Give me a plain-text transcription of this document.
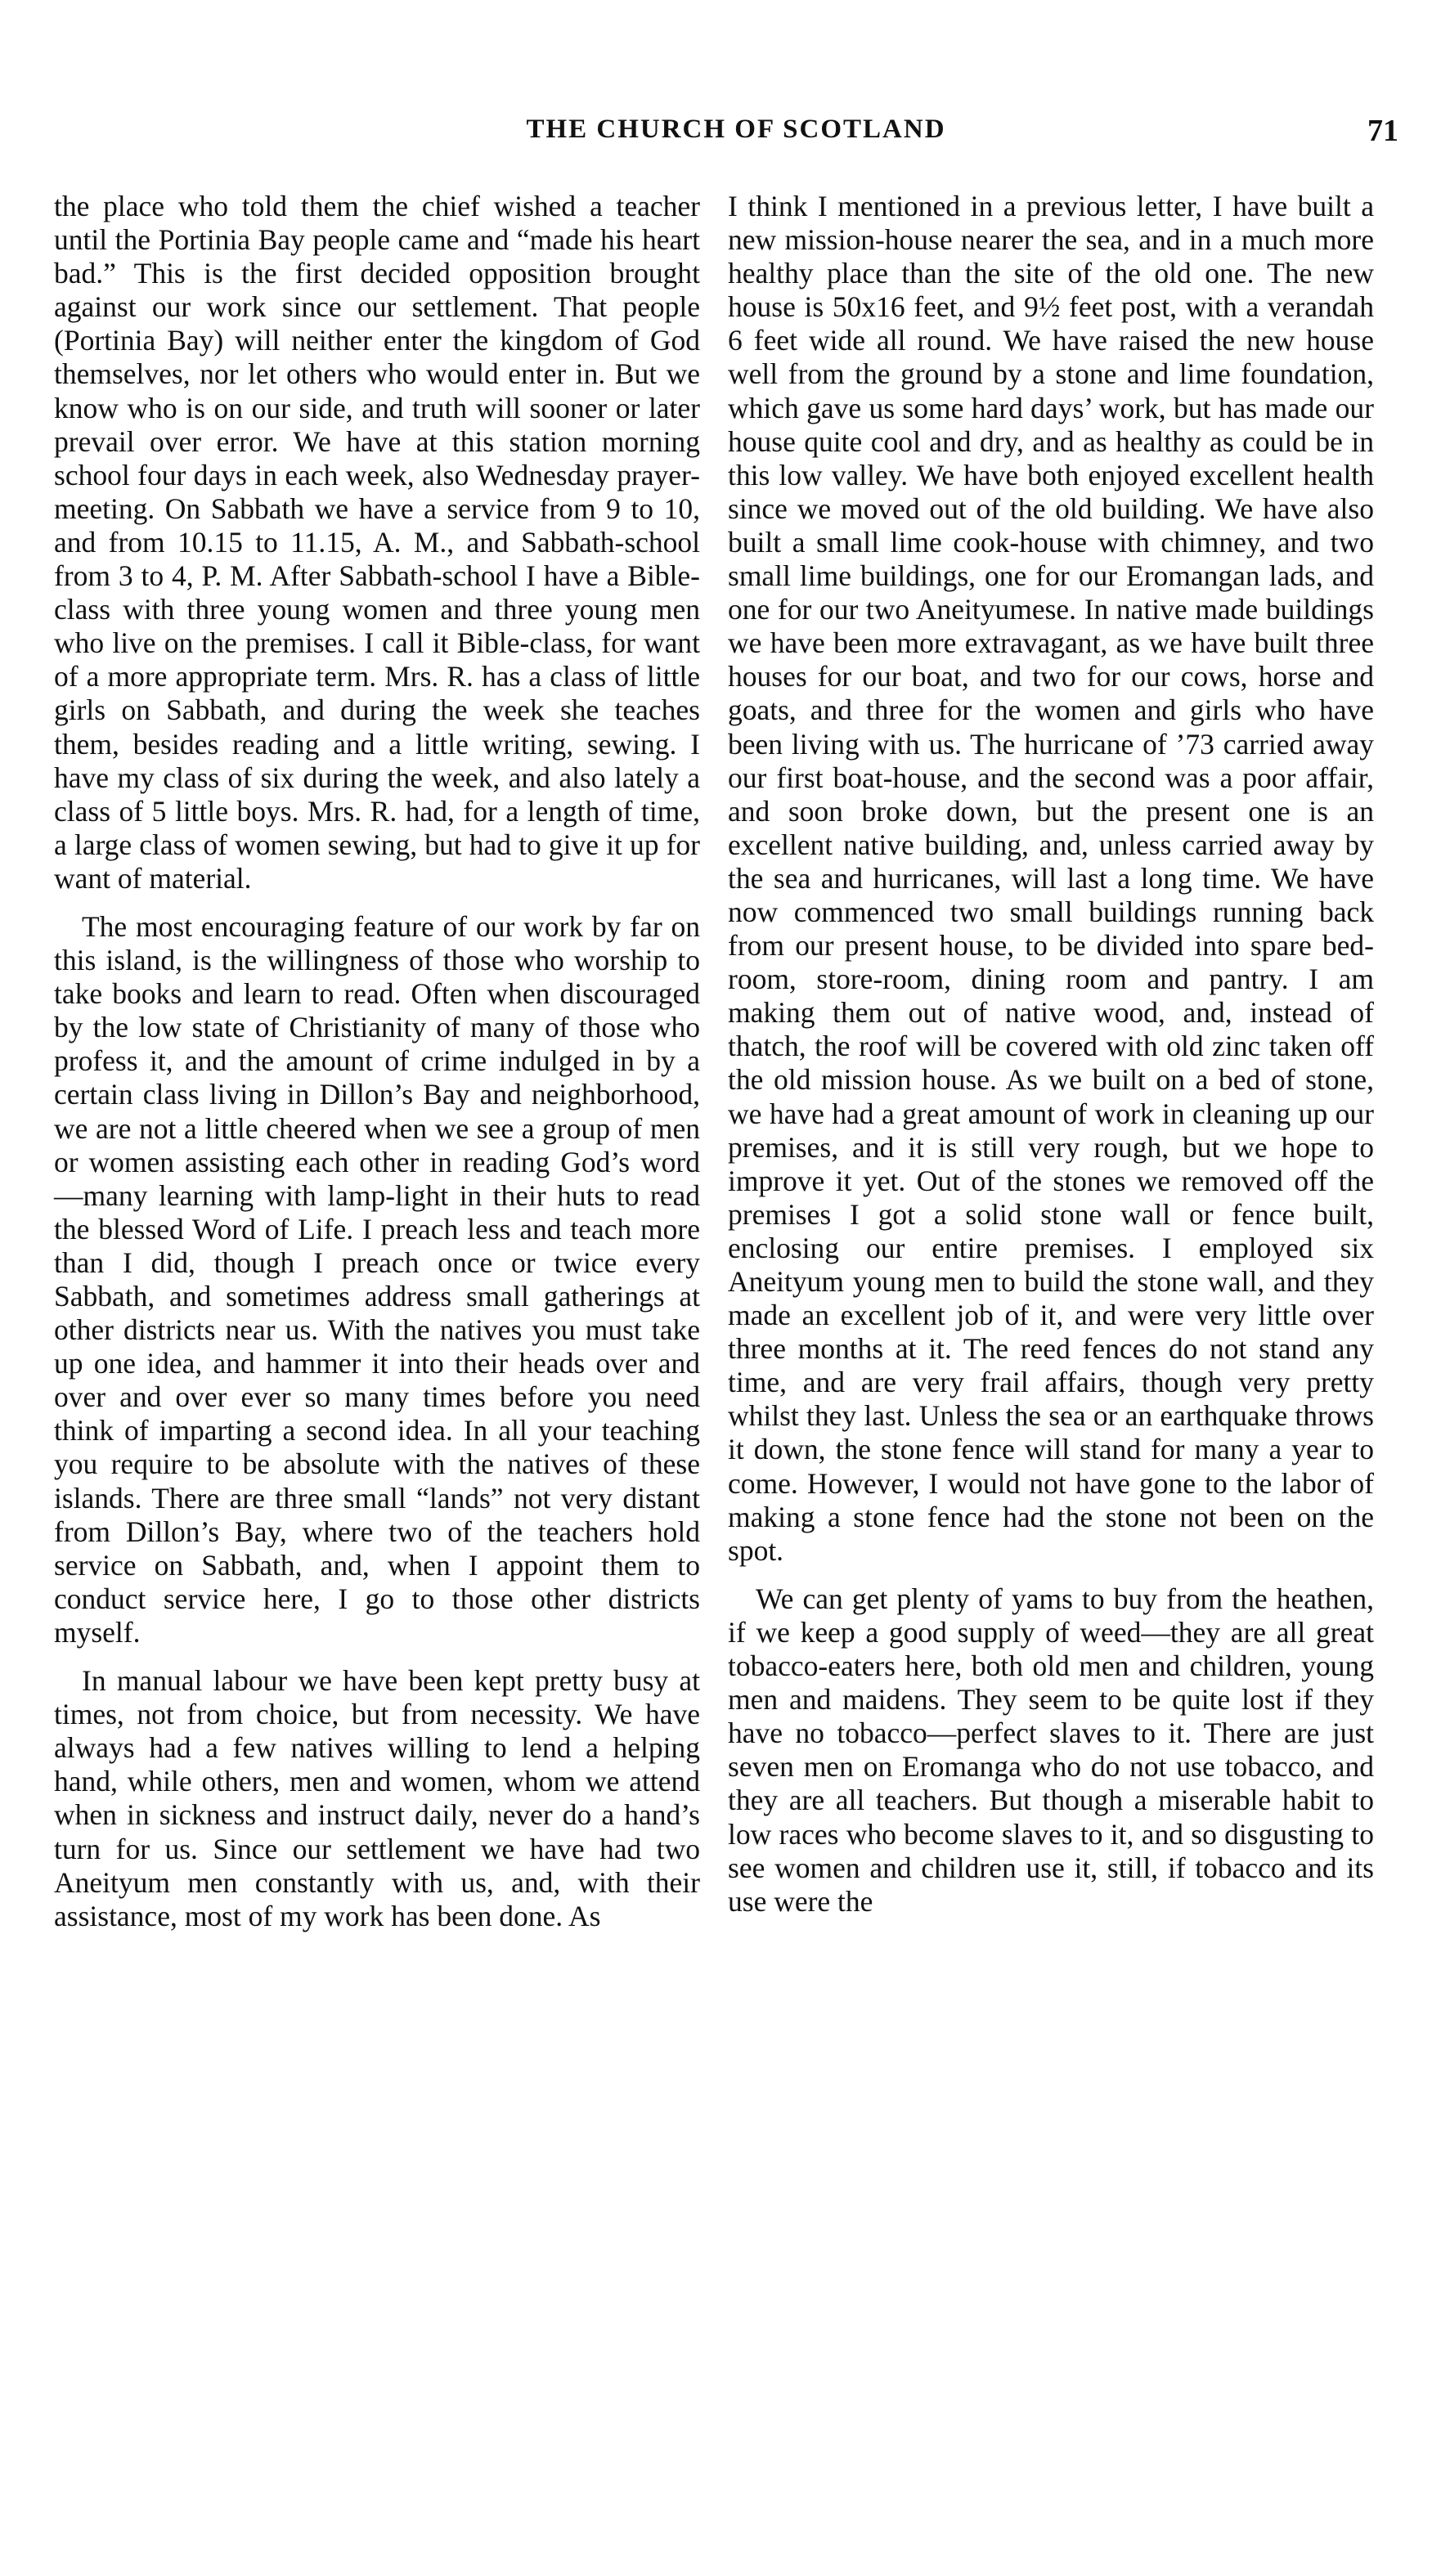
THE CHURCH OF SCOTLAND	71

the place who told them the chief wished a teacher until the Portinia Bay people came and “made his heart bad.” This is the first decided opposition brought against our work since our settlement. That people (Portinia Bay) will neither enter the kingdom of God themselves, nor let others who would enter in. But we know who is on our side, and truth will sooner or later prevail over error. We have at this station morning school four days in each week, also Wednesday prayer-meeting. On Sabbath we have a service from 9 to 10, and from 10.15 to 11.15, A. M., and Sabbath-school from 3 to 4, P. M. After Sabbath-school I have a Bible-class with three young women and three young men who live on the premises. I call it Bible-class, for want of a more appropriate term. Mrs. R. has a class of little girls on Sabbath, and during the week she teaches them, besides reading and a little writing, sewing. I have my class of six during the week, and also lately a class of 5 little boys. Mrs. R. had, for a length of time, a large class of women sewing, but had to give it up for want of material.

The most encouraging feature of our work by far on this island, is the willingness of those who worship to take books and learn to read. Often when discouraged by the low state of Christianity of many of those who profess it, and the amount of crime indulged in by a certain class living in Dillon’s Bay and neighborhood, we are not a little cheered when we see a group of men or women assisting each other in reading God’s word—many learning with lamp-light in their huts to read the blessed Word of Life. I preach less and teach more than I did, though I preach once or twice every Sabbath, and sometimes address small gatherings at other districts near us. With the natives you must take up one idea, and hammer it into their heads over and over and over ever so many times before you need think of imparting a second idea. In all your teaching you require to be absolute with the natives of these islands. There are three small “lands” not very distant from Dillon’s Bay, where two of the teachers hold service on Sabbath, and, when I appoint them to conduct service here, I go to those other districts myself.

In manual labour we have been kept pretty busy at times, not from choice, but from necessity. We have always had a few natives willing to lend a helping hand, while others, men and women, whom we attend when in sickness and instruct daily, never do a hand’s turn for us. Since our settlement we have had two Aneityum men constantly with us, and, with their assistance, most of my work has been done. As

I think I mentioned in a previous letter, I have built a new mission-house nearer the sea, and in a much more healthy place than the site of the old one. The new house is 50x16 feet, and 9½ feet post, with a verandah 6 feet wide all round. We have raised the new house well from the ground by a stone and lime foundation, which gave us some hard days’ work, but has made our house quite cool and dry, and as healthy as could be in this low valley. We have both enjoyed excellent health since we moved out of the old building. We have also built a small lime cook-house with chimney, and two small lime buildings, one for our Eromangan lads, and one for our two Aneityumese. In native made buildings we have been more extravagant, as we have built three houses for our boat, and two for our cows, horse and goats, and three for the women and girls who have been living with us. The hurricane of ’73 carried away our first boat-house, and the second was a poor affair, and soon broke down, but the present one is an excellent native building, and, unless carried away by the sea and hurricanes, will last a long time. We have now commenced two small buildings running back from our present house, to be divided into spare bed-room, store-room, dining room and pantry. I am making them out of native wood, and, instead of thatch, the roof will be covered with old zinc taken off the old mission house. As we built on a bed of stone, we have had a great amount of work in cleaning up our premises, and it is still very rough, but we hope to improve it yet. Out of the stones we removed off the premises I got a solid stone wall or fence built, enclosing our entire premises. I employed six Aneityum young men to build the stone wall, and they made an excellent job of it, and were very little over three months at it. The reed fences do not stand any time, and are very frail affairs, though very pretty whilst they last. Unless the sea or an earthquake throws it down, the stone fence will stand for many a year to come. However, I would not have gone to the labor of making a stone fence had the stone not been on the spot.

We can get plenty of yams to buy from the heathen, if we keep a good supply of weed—they are all great tobacco-eaters here, both old men and children, young men and maidens. They seem to be quite lost if they have no tobacco—perfect slaves to it. There are just seven men on Eromanga who do not use tobacco, and they are all teachers. But though a miserable habit to low races who become slaves to it, and so disgusting to see women and children use it, still, if tobacco and its use were the
